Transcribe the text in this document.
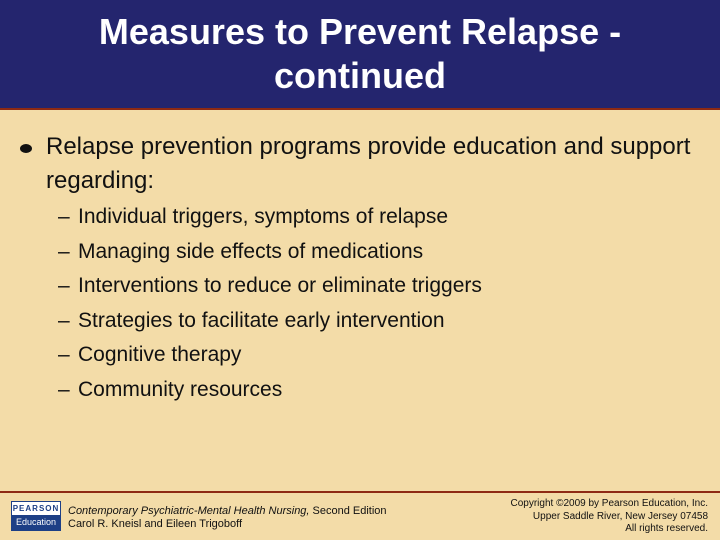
Measures to Prevent Relapse - continued
Relapse prevention programs provide education and support regarding:
– Individual triggers, symptoms of relapse
– Managing side effects of medications
– Interventions to reduce or eliminate triggers
– Strategies to facilitate early intervention
– Cognitive therapy
– Community resources
PEARSON
Education
Contemporary Psychiatric-Mental Health Nursing, Second Edition
Carol R. Kneisl and Eileen Trigoboff
Copyright ©2009 by Pearson Education, Inc.
Upper Saddle River, New Jersey 07458
All rights reserved.
